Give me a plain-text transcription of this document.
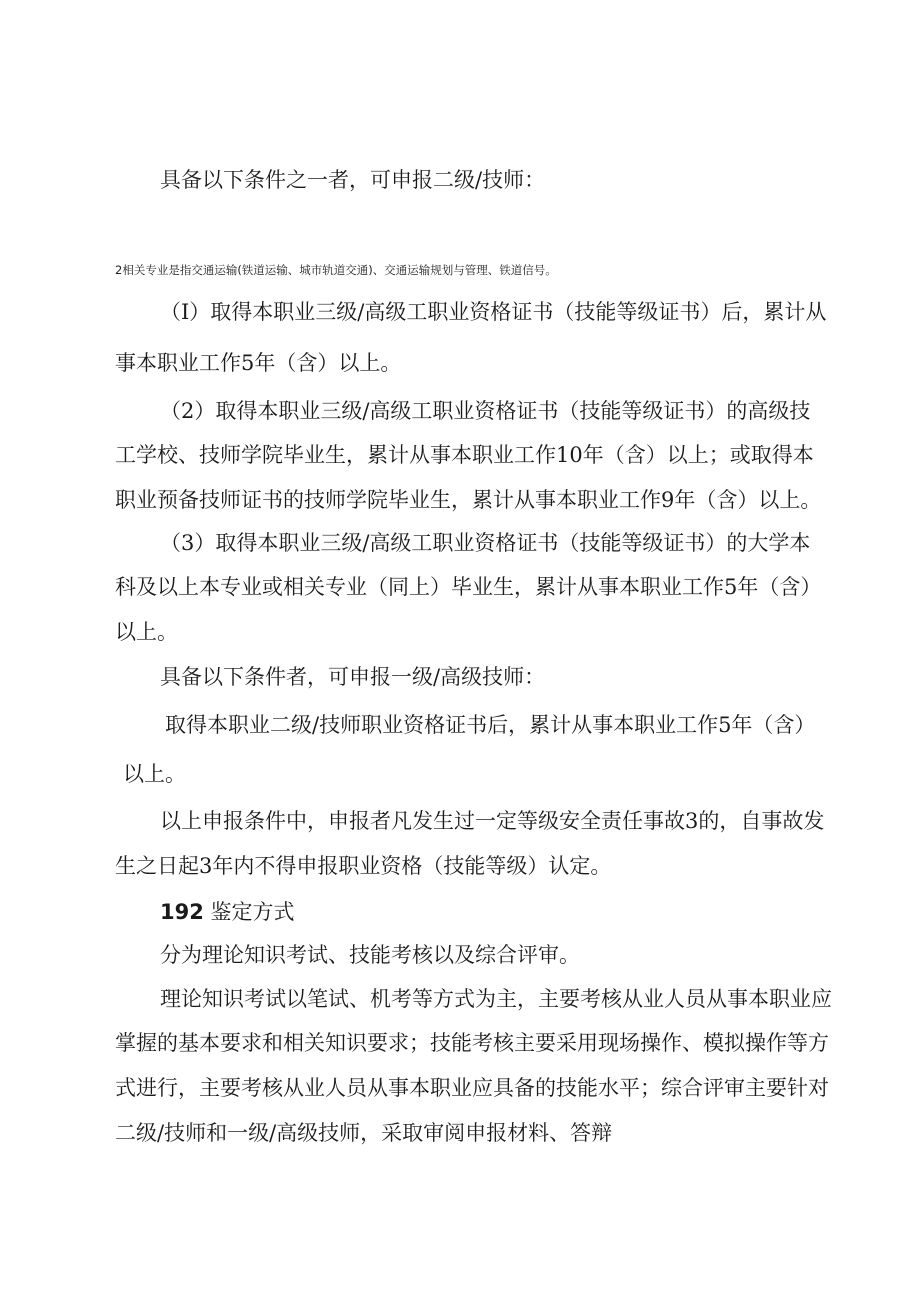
具备以下条件之一者，可申报二级/技师：
2相关专业是指交通运输(铁道运输、城市轨道交通)、交通运输规划与管理、铁道信号。
（I）取得本职业三级/高级工职业资格证书（技能等级证书）后，累计从
事本职业工作5年（含）以上。
（2）取得本职业三级/高级工职业资格证书（技能等级证书）的高级技
工学校、技师学院毕业生，累计从事本职业工作10年（含）以上；或取得本
职业预备技师证书的技师学院毕业生，累计从事本职业工作9年（含）以上。
（3）取得本职业三级/高级工职业资格证书（技能等级证书）的大学本
科及以上本专业或相关专业（同上）毕业生，累计从事本职业工作5年（含）
以上。
具备以下条件者，可申报一级/高级技师：
取得本职业二级/技师职业资格证书后，累计从事本职业工作5年（含）
以上。
以上申报条件中，申报者凡发生过一定等级安全责任事故3的，自事故发
生之日起3年内不得申报职业资格（技能等级）认定。
192 鉴定方式
分为理论知识考试、技能考核以及综合评审。
理论知识考试以笔试、机考等方式为主，主要考核从业人员从事本职业应
掌握的基本要求和相关知识要求；技能考核主要采用现场操作、模拟操作等方
式进行，主要考核从业人员从事本职业应具备的技能水平；综合评审主要针对
二级/技师和一级/高级技师，采取审阅申报材料、答辩
